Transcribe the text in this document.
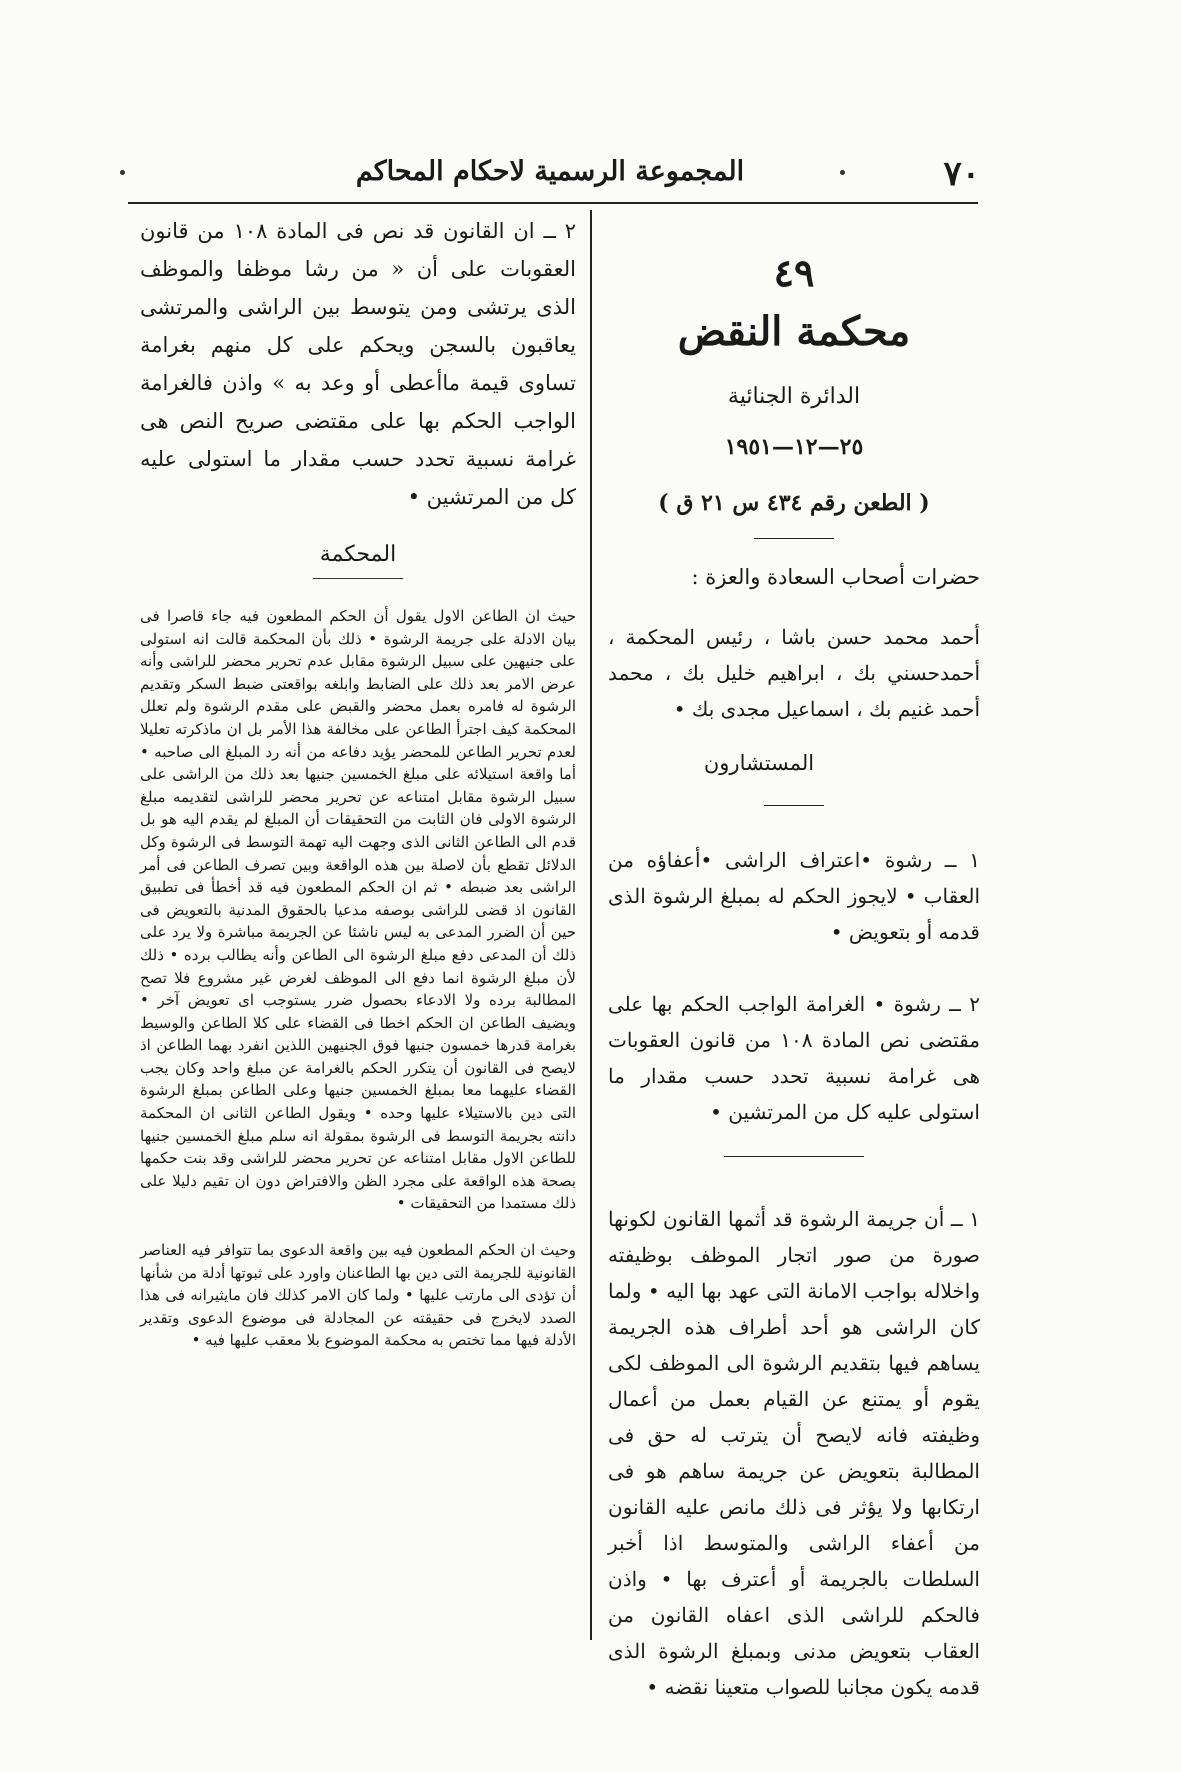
٧٠
المجموعة الرسمية لاحكام المحاكم
٤٩
محكمة النقض
الدائرة الجنائية
٢٥—١٢—١٩٥١
( الطعن رقم ٤٣٤ س ٢١ ق )
حضرات أصحاب السعادة والعزة :
أحمد محمد حسن باشا ، رئيس المحكمة ، أحمدحسني بك ، ابراهيم خليل بك ، محمد أحمد غنيم بك ، اسماعيل مجدى بك •
المستشارون
١ ــ رشوة •اعتراف الراشى •أعفاؤه من العقاب • لايجوز الحكم له بمبلغ الرشوة الذى قدمه أو بتعويض •
٢ ــ رشوة • الغرامة الواجب الحكم بها على مقتضى نص المادة ١٠٨ من قانون العقوبات هى غرامة نسبية تحدد حسب مقدار ما استولى عليه كل من المرتشين •
١ ــ أن جريمة الرشوة قد أثمها القانون لكونها صورة من صور اتجار الموظف بوظيفته واخلاله بواجب الامانة التى عهد بها اليه • ولما كان الراشى هو أحد أطراف هذه الجريمة يساهم فيها بتقديم الرشوة الى الموظف لكى يقوم أو يمتنع عن القيام بعمل من أعمال وظيفته فانه لايصح أن يترتب له حق فى المطالبة بتعويض عن جريمة ساهم هو فى ارتكابها ولا يؤثر فى ذلك مانص عليه القانون من أعفاء الراشى والمتوسط اذا أخبر السلطات بالجريمة أو أعترف بها • واذن فالحكم للراشى الذى اعفاه القانون من العقاب بتعويض مدنى وبمبلغ الرشوة الذى قدمه يكون مجانبا للصواب متعينا نقضه •
٢ ــ ان القانون قد نص فى المادة ١٠٨ من قانون العقوبات على أن « من رشا موظفا والموظف الذى يرتشى ومن يتوسط بين الراشى والمرتشى يعاقبون بالسجن ويحكم على كل منهم بغرامة تساوى قيمة ماأعطى أو وعد به » واذن فالغرامة الواجب الحكم بها على مقتضى صريح النص هى غرامة نسبية تحدد حسب مقدار ما استولى عليه كل من المرتشين •
المحكمة
حيث ان الطاعن الاول يقول أن الحكم المطعون فيه جاء قاصرا فى بيان الادلة على جريمة الرشوة • ذلك بأن المحكمة قالت انه استولى على جنيهين على سبيل الرشوة مقابل عدم تحرير محضر للراشى وأنه عرض الامر بعد ذلك على الضابط وابلغه بواقعتى ضبط السكر وتقديم الرشوة له فامره بعمل محضر والقبض على مقدم الرشوة ولم تعلل المحكمة كيف اجترأ الطاعن على مخالفة هذا الأمر بل ان ماذكرته تعليلا لعدم تحرير الطاعن للمحضر يؤيد دفاعه من أنه رد المبلغ الى صاحبه • أما واقعة استيلائه على مبلغ الخمسين جنيها بعد ذلك من الراشى على سبيل الرشوة مقابل امتناعه عن تحرير محضر للراشى لتقديمه مبلغ الرشوة الاولى فان الثابت من التحقيقات أن المبلغ لم يقدم اليه هو بل قدم الى الطاعن الثانى الذى وجهت اليه تهمة التوسط فى الرشوة وكل الدلائل تقطع بأن لاصلة بين هذه الواقعة وبين تصرف الطاعن فى أمر الراشى بعد ضبطه • ثم ان الحكم المطعون فيه قد أخطأ فى تطبيق القانون اذ قضى للراشى بوصفه مدعيا بالحقوق المدنية بالتعويض فى حين أن الضرر المدعى به ليس ناشئا عن الجريمة مباشرة ولا يرد على ذلك أن المدعى دفع مبلغ الرشوة الى الطاعن وأنه يطالب برده • ذلك لأن مبلغ الرشوة انما دفع الى الموظف لغرض غير مشروع فلا تصح المطالبة برده ولا الادعاء بحصول ضرر يستوجب اى تعويض آخر • ويضيف الطاعن ان الحكم اخطا فى القضاء على كلا الطاعن والوسيط بغرامة قدرها خمسون جنيها فوق الجنيهين اللذين انفرد بهما الطاعن اذ لايصح فى القانون أن يتكرر الحكم بالغرامة عن مبلغ واحد وكان يجب القضاء عليهما معا بمبلغ الخمسين جنيها وعلى الطاعن بمبلغ الرشوة التى دين بالاستيلاء عليها وحده • ويقول الطاعن الثانى ان المحكمة دانته بجريمة التوسط فى الرشوة بمقولة انه سلم مبلغ الخمسين جنيها للطاعن الاول مقابل امتناعه عن تحرير محضر للراشى وقد بنت حكمها بصحة هذه الواقعة على مجرد الظن والافتراض دون ان تقيم دليلا على ذلك مستمدا من التحقيقات •
وحيث ان الحكم المطعون فيه بين واقعة الدعوى بما تتوافر فيه العناصر القانونية للجريمة التى دين بها الطاعنان واورد على ثبوتها أدلة من شأنها أن تؤدى الى مارتب عليها • ولما كان الامر كذلك فان مايثيرانه فى هذا الصدد لايخرج فى حقيقته عن المجادلة فى موضوع الدعوى وتقدير الأدلة فيها مما تختص به محكمة الموضوع بلا معقب عليها فيه •
